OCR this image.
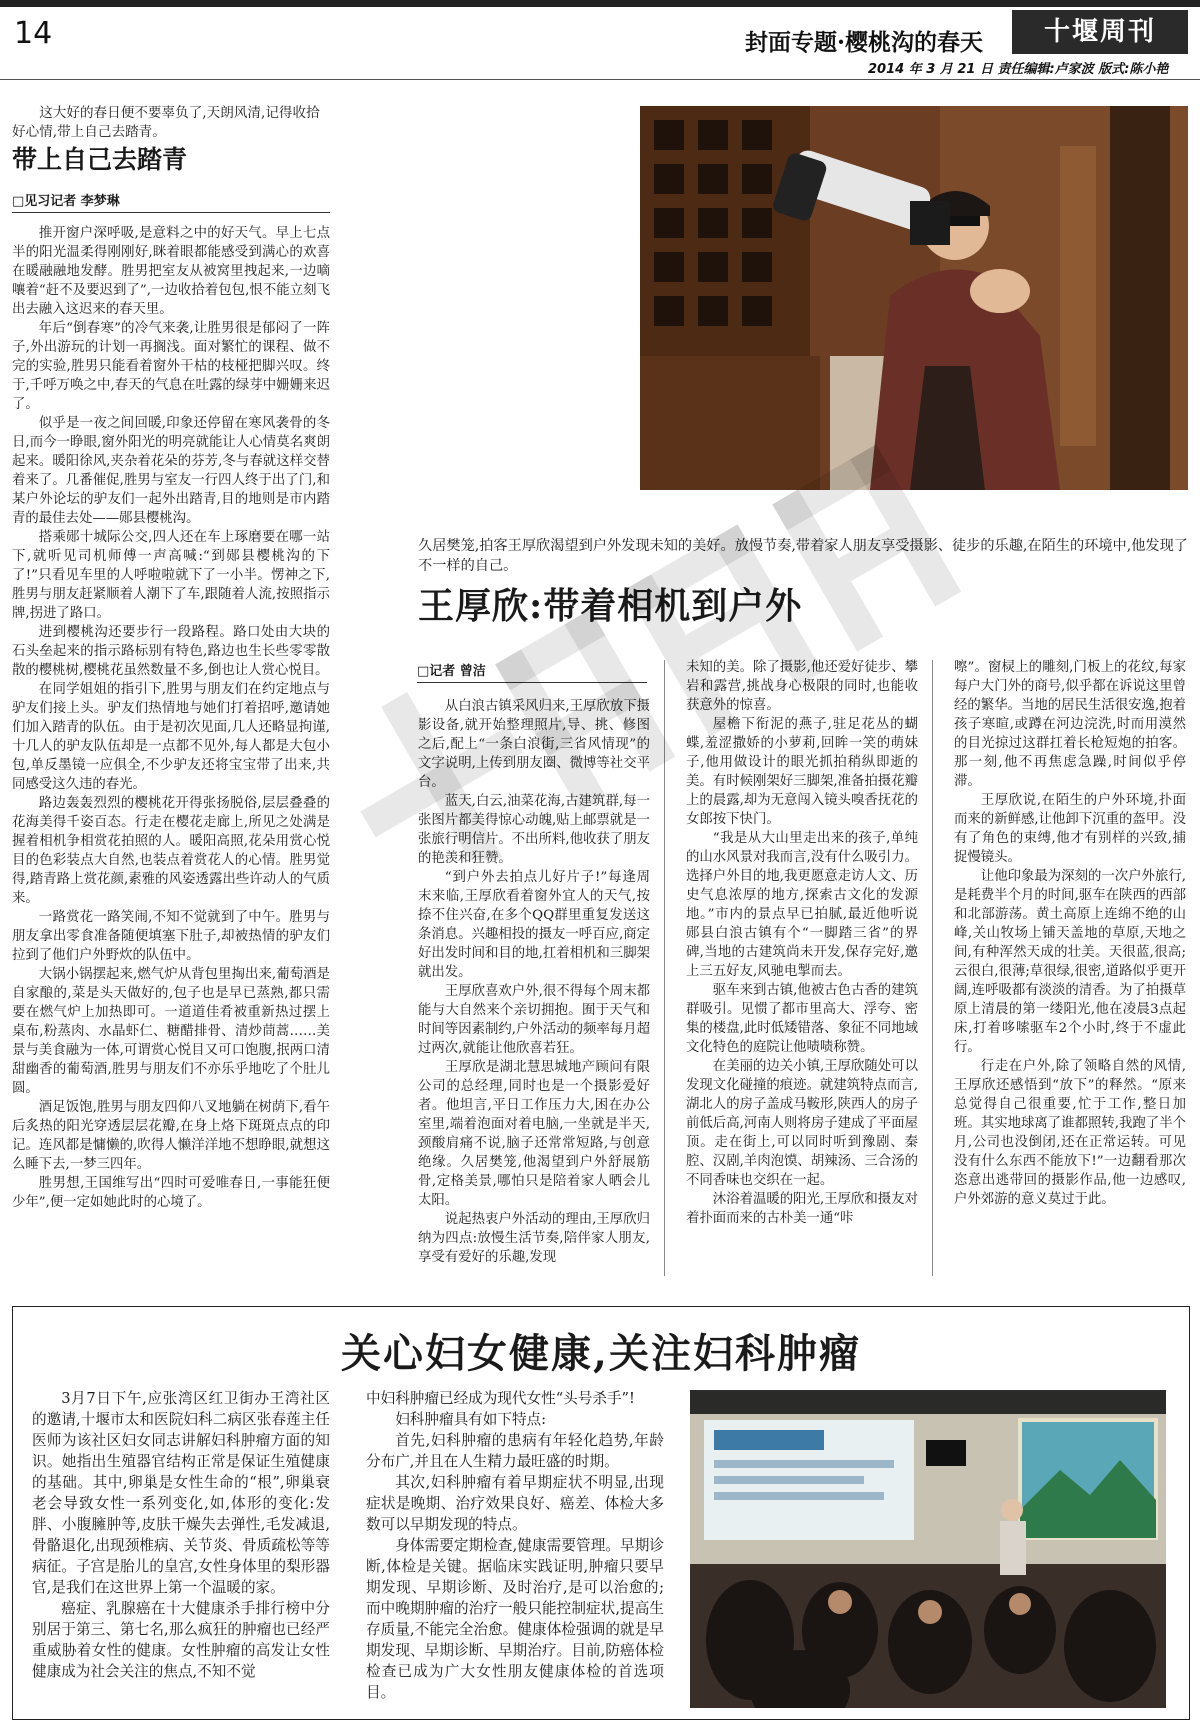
14	封面专题·樱桃沟的春天	十堰周刊
2014 年 3 月 21 日 责任编辑:卢家波 版式:陈小艳

这大好的春日便不要辜负了,天朗风清,记得收拾好心情,带上自己去踏青。

带上自己去踏青
□见习记者 李梦琳

推开窗户深呼吸,是意料之中的好天气。早上七点半的阳光温柔得刚刚好,眯着眼都能感受到满心的欢喜在暖融融地发酵。胜男把室友从被窝里拽起来,一边嘀嚷着“赶不及要迟到了”,一边收拾着包包,恨不能立刻飞出去融入这迟来的春天里。

年后“倒春寒”的冷气来袭,让胜男很是郁闷了一阵子,外出游玩的计划一再搁浅。面对繁忙的课程、做不完的实验,胜男只能看着窗外干枯的枝桠把脚兴叹。终于,千呼万唤之中,春天的气息在吐露的绿芽中姗姗来迟了。

似乎是一夜之间回暖,印象还停留在寒风袭骨的冬日,而今一睁眼,窗外阳光的明亮就能让人心情莫名爽朗起来。暖阳徐风,夹杂着花朵的芬芳,冬与春就这样交替着来了。几番催促,胜男与室友一行四人终于出了门,和某户外论坛的驴友们一起外出踏青,目的地则是市内踏青的最佳去处——郧县樱桃沟。

搭乘郧十城际公交,四人还在车上琢磨要在哪一站下,就听见司机师傅一声高喊:“到郧县樱桃沟的下了!”只看见车里的人呼啦啦就下了一小半。愣神之下,胜男与朋友赶紧顺着人潮下了车,跟随着人流,按照指示牌,拐进了路口。

进到樱桃沟还要步行一段路程。路口处由大块的石头垒起来的指示路标别有特色,路边也生长些零零散散的樱桃树,樱桃花虽然数量不多,倒也让人赏心悦目。

在同学姐姐的指引下,胜男与朋友们在约定地点与驴友们接上头。驴友们热情地与她们打着招呼,邀请她们加入踏青的队伍。由于是初次见面,几人还略显拘谨,十几人的驴友队伍却是一点都不见外,每人都是大包小包,单反墨镜一应俱全,不少驴友还将宝宝带了出来,共同感受这久违的春光。

路边轰轰烈烈的樱桃花开得张扬脱俗,层层叠叠的花海美得千姿百态。行走在樱花走廊上,所见之处满是握着相机争相赏花拍照的人。暖阳高照,花朵用赏心悦目的色彩装点大自然,也装点着赏花人的心情。胜男觉得,踏青路上赏花颜,素雅的风姿透露出些许动人的气质来。

一路赏花一路笑闹,不知不觉就到了中午。胜男与朋友拿出零食准备随便填塞下肚子,却被热情的驴友们拉到了他们户外野炊的队伍中。

大锅小锅摆起来,燃气炉从背包里掏出来,葡萄酒是自家酿的,菜是头天做好的,包子也是早已蒸熟,都只需要在燃气炉上加热即可。一道道佳肴被重新热过摆上桌布,粉蒸肉、水晶虾仁、糖醋排骨、清炒茼蒿……美景与美食融为一体,可谓赏心悦目又可口饱腹,抿两口清甜幽香的葡萄酒,胜男与朋友们不亦乐乎地吃了个肚儿圆。

酒足饭饱,胜男与朋友四仰八叉地躺在树荫下,看午后炙热的阳光穿透层层花瓣,在身上烙下斑斑点点的印记。连风都是慵懒的,吹得人懒洋洋地不想睁眼,就想这么睡下去,一梦三四年。

胜男想,王国维写出“四时可爱唯春日,一事能狂便少年”,便一定如她此时的心境了。

久居樊笼,拍客王厚欣渴望到户外发现未知的美好。放慢节奏,带着家人朋友享受摄影、徒步的乐趣,在陌生的环境中,他发现了不一样的自己。

王厚欣:带着相机到户外
□记者 曾洁

从白浪古镇采风归来,王厚欣放下摄影设备,就开始整理照片,导、挑、修图之后,配上“一条白浪街,三省风情现”的文字说明,上传到朋友圈、微博等社交平台。

蓝天,白云,油菜花海,古建筑群,每一张图片都美得惊心动魄,贴上邮票就是一张旅行明信片。不出所料,他收获了朋友的艳羡和狂赞。

“到户外去拍点儿好片子!”每逢周末来临,王厚欣看着窗外宜人的天气,按捺不住兴奋,在多个QQ群里重复发送这条消息。兴趣相投的摄友一呼百应,商定好出发时间和目的地,扛着相机和三脚架就出发。

王厚欣喜欢户外,很不得每个周末都能与大自然来个亲切拥抱。囿于天气和时间等因素制约,户外活动的频率每月超过两次,就能让他欣喜若狂。

王厚欣是湖北慧思城地产顾问有限公司的总经理,同时也是一个摄影爱好者。他坦言,平日工作压力大,困在办公室里,端着泡面对着电脑,一坐就是半天,颈酸肩痛不说,脑子还常常短路,与创意绝缘。久居樊笼,他渴望到户外舒展筋骨,定格美景,哪怕只是陪着家人晒会儿太阳。

说起热衷户外活动的理由,王厚欣归纳为四点:放慢生活节奏,陪伴家人朋友,享受有爱好的乐趣,发现

未知的美。除了摄影,他还爱好徒步、攀岩和露营,挑战身心极限的同时,也能收获意外的惊喜。

屋檐下衔泥的燕子,驻足花丛的蝴蝶,羞涩撒娇的小萝莉,回眸一笑的萌妹子,他用做设计的眼光抓拍稍纵即逝的美。有时候刚架好三脚架,准备拍摄花瓣上的晨露,却为无意闯入镜头嗅香抚花的女郎按下快门。

“我是从大山里走出来的孩子,单纯的山水风景对我而言,没有什么吸引力。选择户外目的地,我更愿意走访人文、历史气息浓厚的地方,探索古文化的发源地。”市内的景点早已拍腻,最近他听说郧县白浪古镇有个“一脚踏三省”的界碑,当地的古建筑尚未开发,保存完好,邀上三五好友,风驰电掣而去。

驱车来到古镇,他被古色古香的建筑群吸引。见惯了都市里高大、浮夸、密集的楼盘,此时低矮错落、象征不同地域文化特色的庭院让他啧啧称赞。

在美丽的边关小镇,王厚欣随处可以发现文化碰撞的痕迹。就建筑特点而言,湖北人的房子盖成马鞍形,陕西人的房子前低后高,河南人则将房子建成了平面屋顶。走在街上,可以同时听到豫剧、秦腔、汉剧,羊肉泡馍、胡辣汤、三合汤的不同香味也交织在一起。

沐浴着温暖的阳光,王厚欣和摄友对着扑面而来的古朴美一通“咔

嚓”。窗棂上的雕刻,门板上的花纹,每家每户大门外的商号,似乎都在诉说这里曾经的繁华。当地的居民生活很安逸,抱着孩子寒暄,或蹲在河边浣洗,时而用漠然的目光掠过这群扛着长枪短炮的拍客。那一刻,他不再焦虑急躁,时间似乎停滞。

王厚欣说,在陌生的户外环境,扑面而来的新鲜感,让他卸下沉重的盔甲。没有了角色的束缚,他才有别样的兴致,捕捉慢镜头。

让他印象最为深刻的一次户外旅行,是耗费半个月的时间,驱车在陕西的西部和北部游荡。黄土高原上连绵不绝的山峰,关山牧场上铺天盖地的草原,天地之间,有种浑然天成的壮美。天很蓝,很高;云很白,很薄;草很绿,很密,道路似乎更开阔,连呼吸都有淡淡的清香。为了拍摄草原上清晨的第一缕阳光,他在凌晨3点起床,打着哆嗦驱车2个小时,终于不虚此行。

行走在户外,除了领略自然的风情,王厚欣还感悟到“放下”的释然。“原来总觉得自己很重要,忙于工作,整日加班。其实地球离了谁都照转,我跑了半个月,公司也没倒闭,还在正常运转。可见没有什么东西不能放下!”一边翻看那次恣意出逃带回的摄影作品,他一边感叹,户外郊游的意义莫过于此。

关心妇女健康,关注妇科肿瘤

3月7日下午,应张湾区红卫街办王湾社区的邀请,十堰市太和医院妇科二病区张春莲主任医师为该社区妇女同志讲解妇科肿瘤方面的知识。她指出生殖器官结构正常是保证生殖健康的基础。其中,卵巢是女性生命的“根”,卵巢衰老会导致女性一系列变化,如,体形的变化:发胖、小腹臃肿等,皮肤干燥失去弹性,毛发减退,骨骼退化,出现颈椎病、关节炎、骨质疏松等等病征。子宫是胎儿的皇宫,女性身体里的梨形器官,是我们在这世界上第一个温暖的家。

癌症、乳腺癌在十大健康杀手排行榜中分别居于第三、第七名,那么疯狂的肿瘤也已经严重威胁着女性的健康。女性肿瘤的高发让女性健康成为社会关注的焦点,不知不觉

中妇科肿瘤已经成为现代女性“头号杀手”!

妇科肿瘤具有如下特点:

首先,妇科肿瘤的患病有年轻化趋势,年龄分布广,并且在人生精力最旺盛的时期。

其次,妇科肿瘤有着早期症状不明显,出现症状是晚期、治疗效果良好、癌差、体检大多数可以早期发现的特点。

身体需要定期检查,健康需要管理。早期诊断,体检是关键。据临床实践证明,肿瘤只要早期发现、早期诊断、及时治疗,是可以治愈的;而中晚期肿瘤的治疗一般只能控制症状,提高生存质量,不能完全治愈。健康体检强调的就是早期发现、早期诊断、早期治疗。目前,防癌体检检查已成为广大女性朋友健康体检的首选项目。
